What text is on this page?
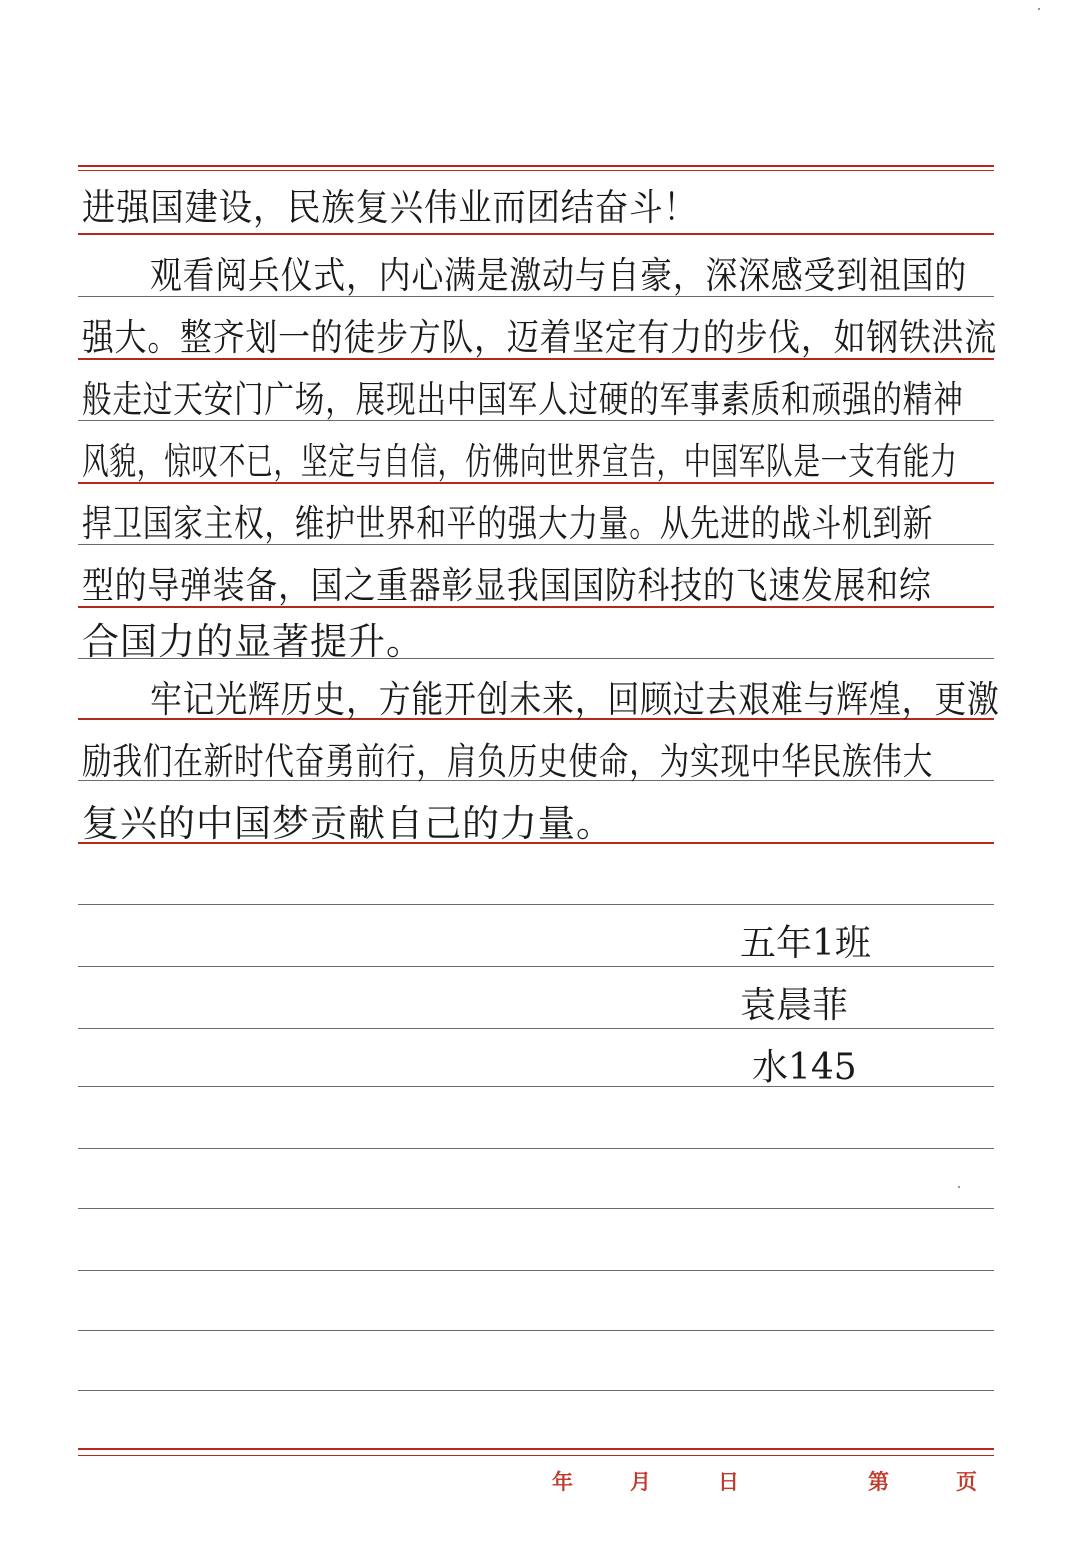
进强国建设，民族复兴伟业而团结奋斗！
观看阅兵仪式，内心满是激动与自豪，深深感受到祖国的
强大。整齐划一的徒步方队，迈着坚定有力的步伐，如钢铁洪流
般走过天安门广场，展现出中国军人过硬的军事素质和顽强的精神
风貌，惊叹不已，坚定与自信，仿佛向世界宣告，中国军队是一支有能力
捍卫国家主权，维护世界和平的强大力量。从先进的战斗机到新
型的导弹装备，国之重器彰显我国国防科技的飞速发展和综
合国力的显著提升。
牢记光辉历史，方能开创未来，回顾过去艰难与辉煌，更激
励我们在新时代奋勇前行，肩负历史使命，为实现中华民族伟大
复兴的中国梦贡献自己的力量。
五年1班
袁晨菲
水145
年	月	日	第	页
